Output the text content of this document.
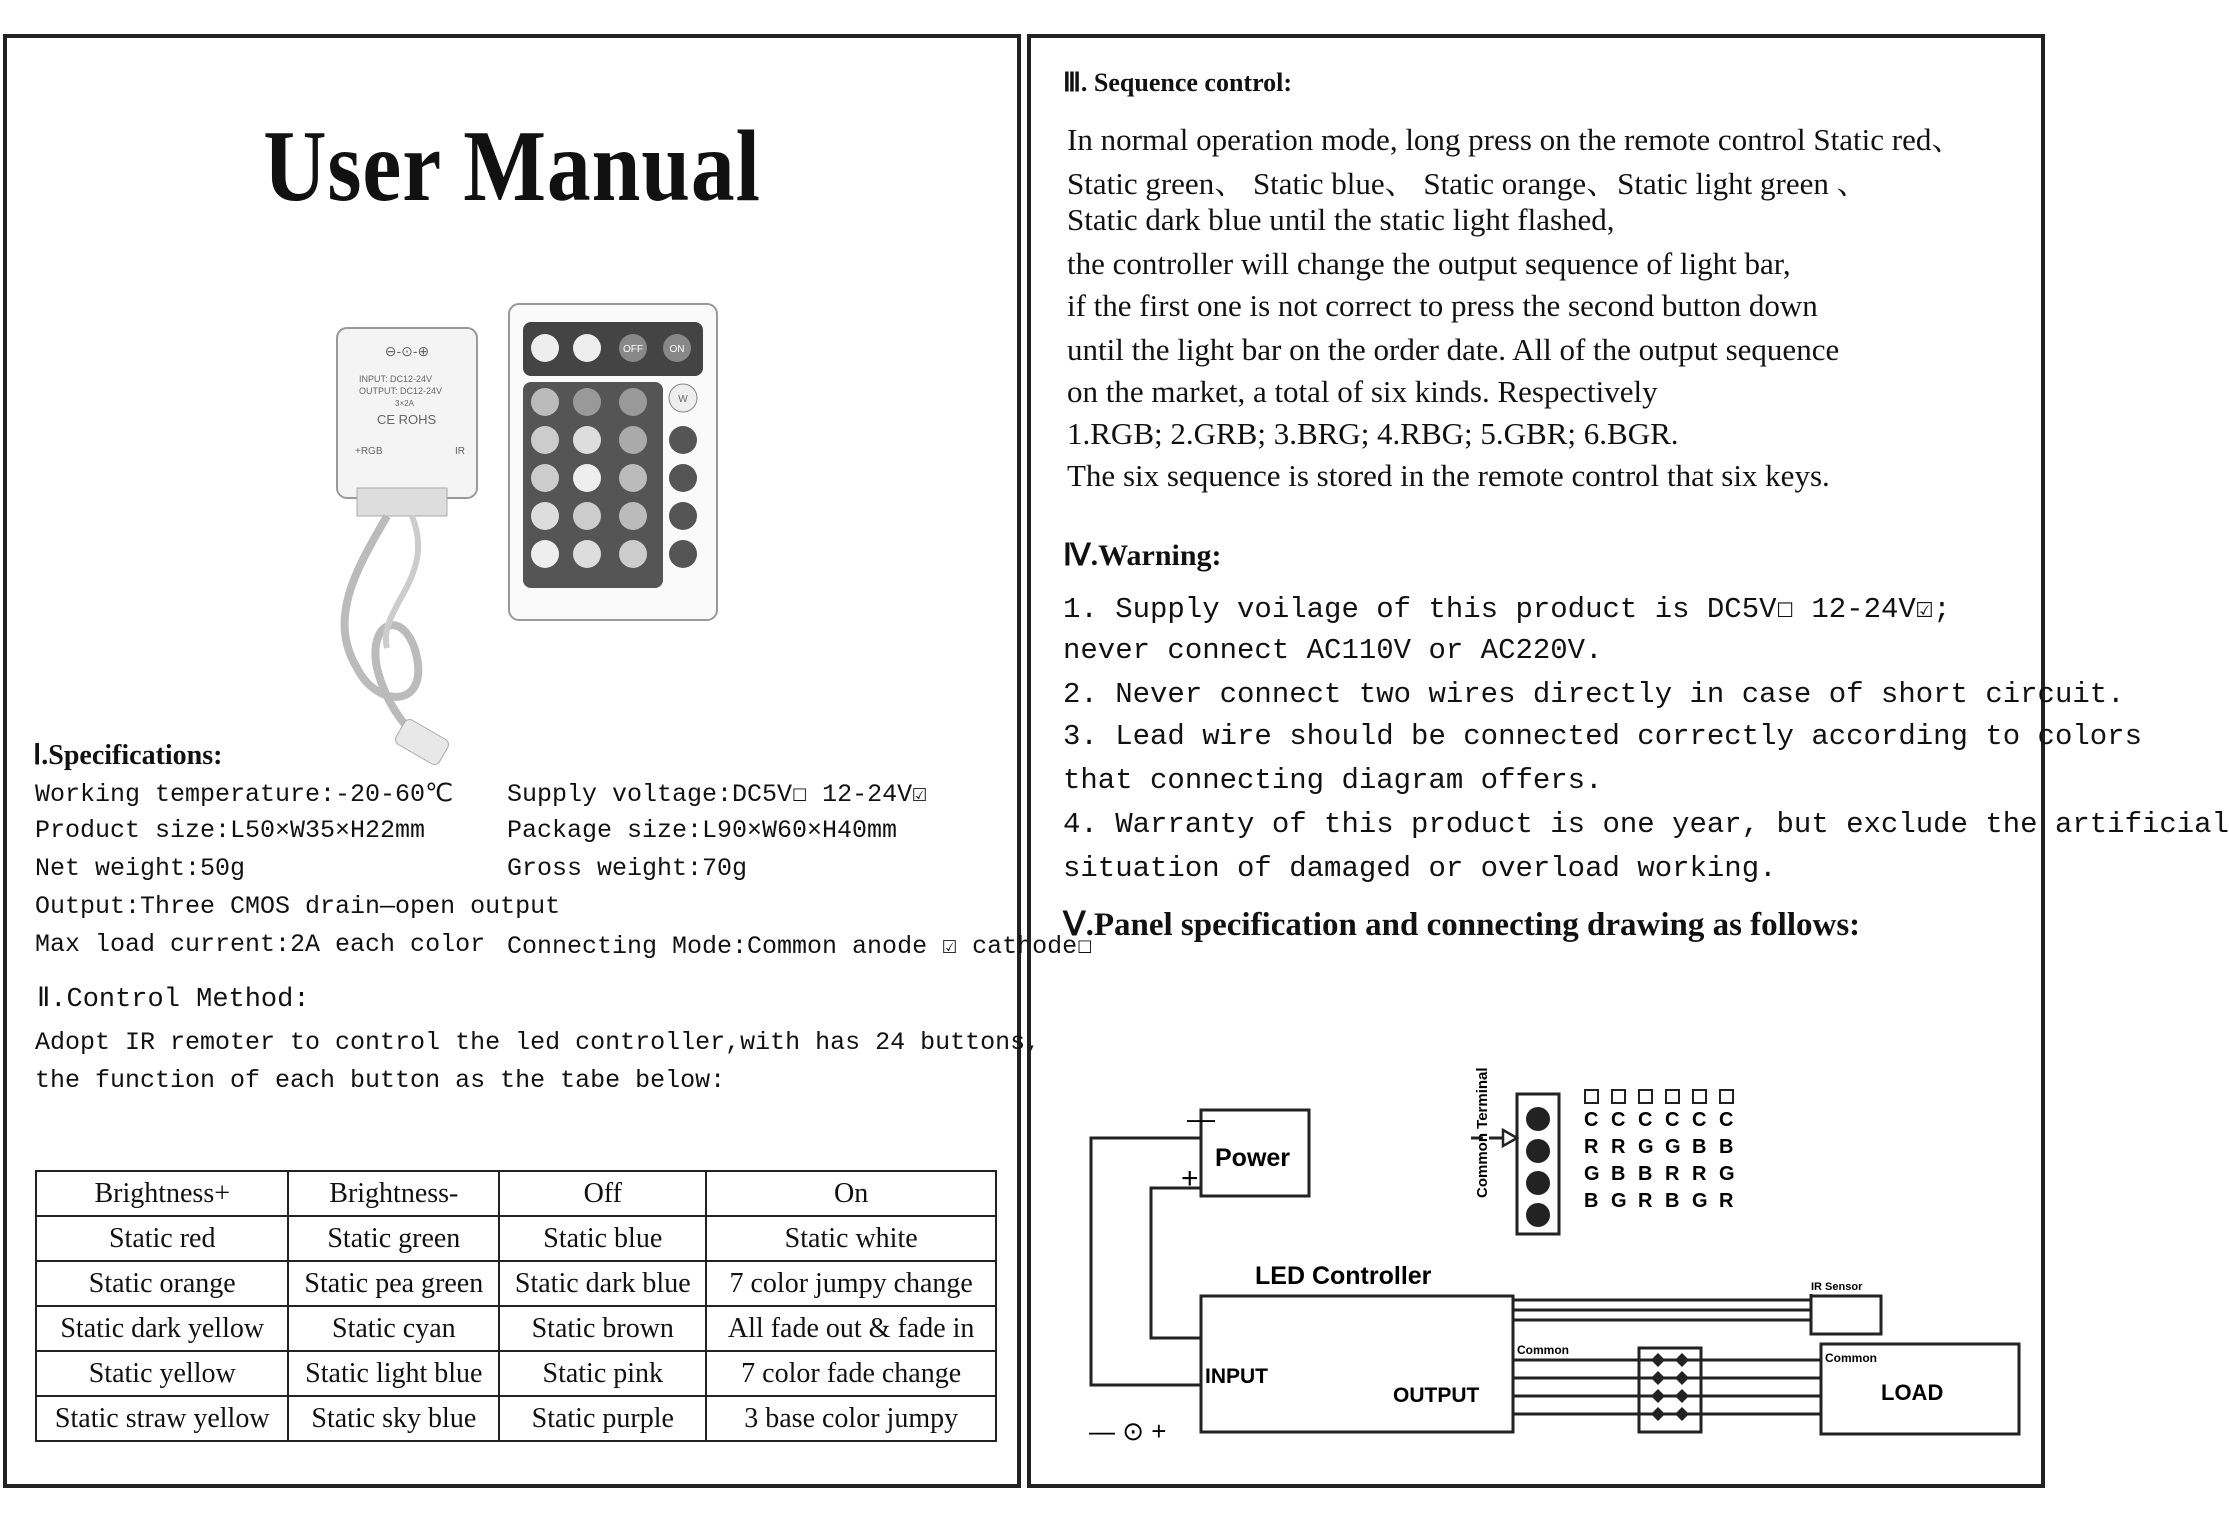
User Manual
⊖-⊙-⊕
INPUT: DC12-24V
OUTPUT: DC12-24V
3×2A
CE ROHS
+RGB	IR
OFF	ON
W
Ⅰ.Specifications:
Working temperature:-20-60℃ Supply voltage:DC5V☐ 12-24V☑
Product size:L50×W35×H22mm	Package size:L90×W60×H40mm
Net weight:50g	Gross weight:70g
Output:Three CMOS drain—open output
Max load current:2A each color Connecting Mode:Common anode ☑ cathode☐
Ⅱ.Control Method:
Adopt IR remoter to control the led controller,with has 24 buttons,
the function of each button as the tabe below:
Brightness+	Brightness-	Off	On
Static red	Static green	Static blue	Static white
Static orange	Static pea green	Static dark blue	7 color jumpy change
Static dark yellow	Static cyan	Static brown	All fade out & fade in
Static yellow	Static light blue	Static pink	7 color fade change
Static straw yellow	Static sky blue	Static purple	3 base color jumpy
Ⅲ. Sequence control:
In normal operation mode, long press on the remote control Static red、
Static green、 Static blue、 Static orange、Static light green 、
Static dark blue until the static light flashed,
the controller will change the output sequence of light bar,
if the first one is not correct to press the second button down
until the light bar on the order date. All of the output sequence
on the market, a total of six kinds. Respectively
1.RGB; 2.GRB; 3.BRG; 4.RBG; 5.GBR; 6.BGR.
The six sequence is stored in the remote control that six keys.
Ⅳ.Warning:
1. Supply voilage of this product is DC5V☐ 12-24V☑;
never connect AC110V or AC220V.
2. Never connect two wires directly in case of short circuit.
3. Lead wire should be connected correctly according to colors
that connecting diagram offers.
4. Warranty of this product is one year, but exclude the artificial
situation of damaged or overload working.
Ⅴ.Panel specification and connecting drawing as follows:
Power
—
+	Common Terminal	C
R
G
B
C
R
B
G
C
G
B
R
C
G
R
B
C
B
R
G
C
B
G
R
LED Controller
INPUT
OUTPUT
Common
Common
IR Sensor
LOAD
— ⊙ +
